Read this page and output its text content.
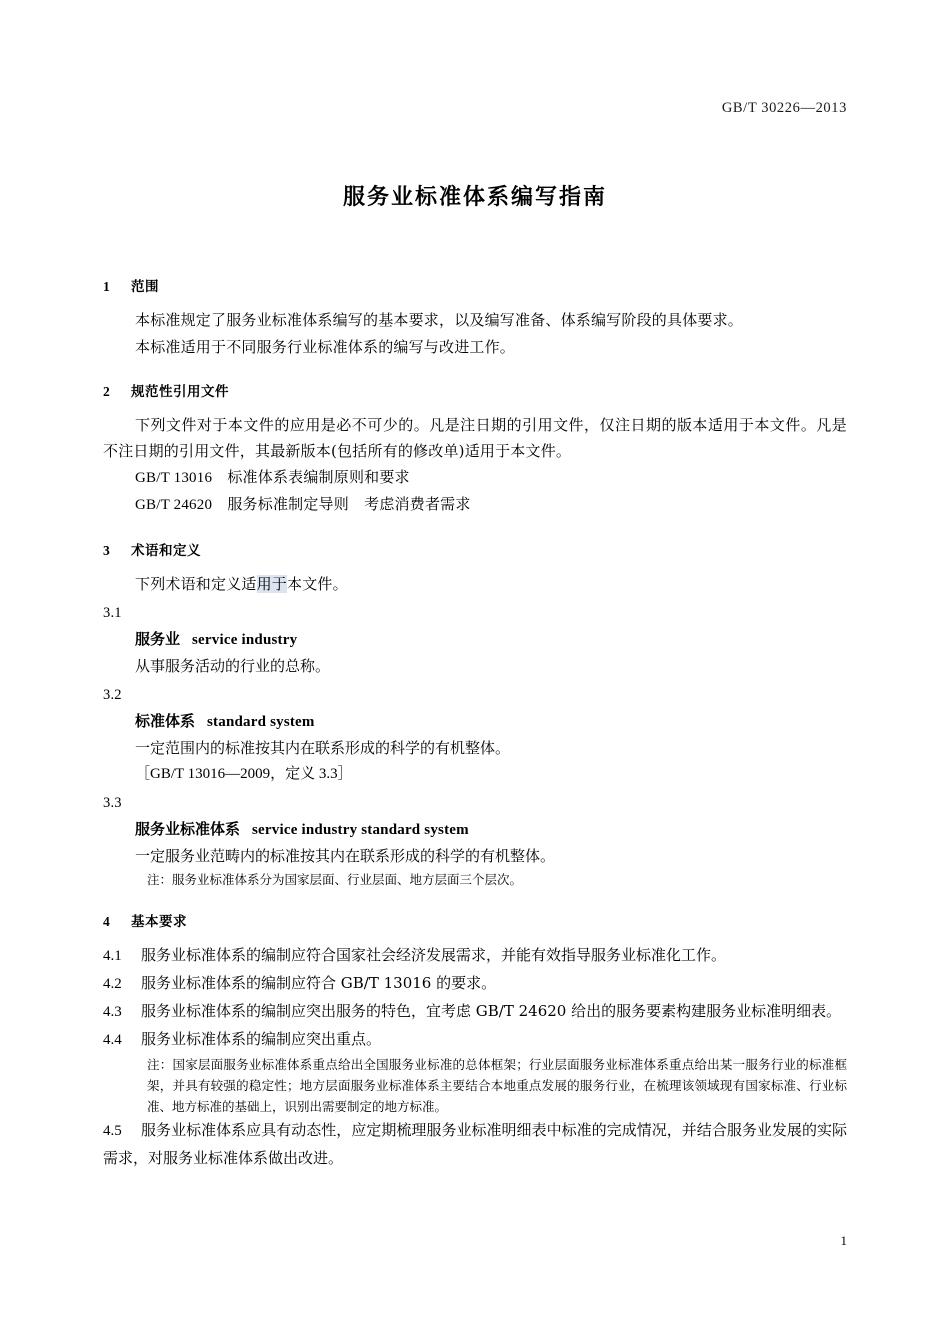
GB/T 30226—2013
服务业标准体系编写指南
1 范围

本标准规定了服务业标准体系编写的基本要求，以及编写准备、体系编写阶段的具体要求。

本标准适用于不同服务行业标准体系的编写与改进工作。

2 规范性引用文件

下列文件对于本文件的应用是必不可少的。凡是注日期的引用文件，仅注日期的版本适用于本文件。凡是不注日期的引用文件，其最新版本(包括所有的修改单)适用于本文件。

GB/T 13016　标准体系表编制原则和要求
GB/T 24620　服务标准制定导则　考虑消费者需求
3 术语和定义

下列术语和定义适用于本文件。

3.1
服务业 service industry
从事服务活动的行业的总称。
3.2
标准体系 standard system
一定范围内的标准按其内在联系形成的科学的有机整体。
［GB/T 13016—2009，定义 3.3］
3.3
服务业标准体系 service industry standard system
一定服务业范畴内的标准按其内在联系形成的科学的有机整体。
注：服务业标准体系分为国家层面、行业层面、地方层面三个层次。
4 基本要求
4.1 服务业标准体系的编制应符合国家社会经济发展需求，并能有效指导服务业标准化工作。
4.2 服务业标准体系的编制应符合 GB/T 13016 的要求。
4.3 服务业标准体系的编制应突出服务的特色，宜考虑 GB/T 24620 给出的服务要素构建服务业标准明细表。
4.4 服务业标准体系的编制应突出重点。
注：国家层面服务业标准体系重点给出全国服务业标准的总体框架；行业层面服务业标准体系重点给出某一服务行业的标准框架，并具有较强的稳定性；地方层面服务业标准体系主要结合本地重点发展的服务行业，在梳理该领域现有国家标准、行业标准、地方标准的基础上，识别出需要制定的地方标准。
4.5 服务业标准体系应具有动态性，应定期梳理服务业标准明细表中标准的完成情况，并结合服务业发展的实际需求，对服务业标准体系做出改进。
1
